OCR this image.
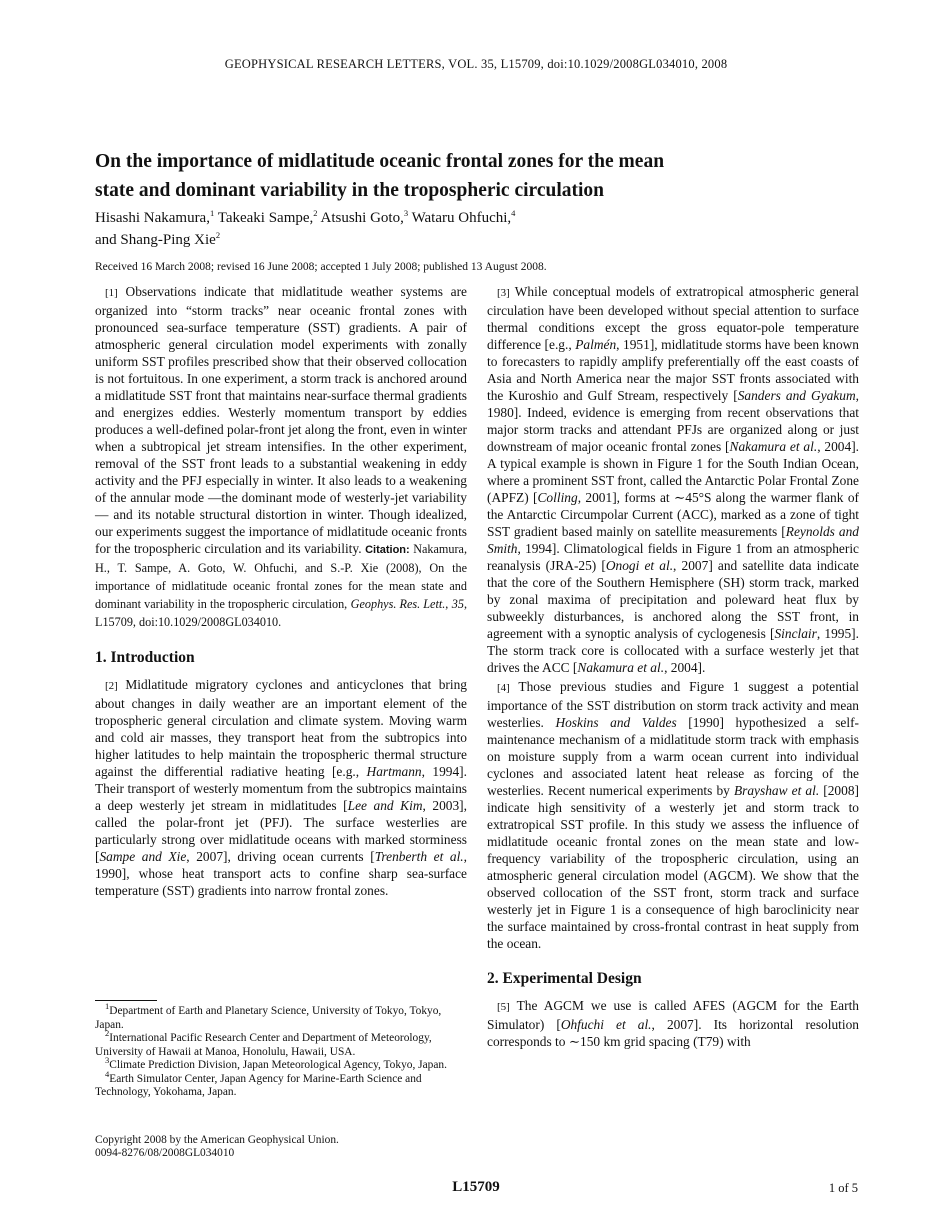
GEOPHYSICAL RESEARCH LETTERS, VOL. 35, L15709, doi:10.1029/2008GL034010, 2008
On the importance of midlatitude oceanic frontal zones for the mean
state and dominant variability in the tropospheric circulation

Hisashi Nakamura,$^1$ Takeaki Sampe,$^2$ Atsushi Goto,$^3$ Wataru Ohfuchi,$^4$
and Shang-Ping Xie$^2$

Received 16 March 2008; revised 16 June 2008; accepted 1 July 2008; published 13 August 2008.

[1] Observations indicate that midlatitude weather systems are organized into “storm tracks” near oceanic frontal zones with pronounced sea-surface temperature (SST) gradients. A pair of atmospheric general circulation model experiments with zonally uniform SST profiles prescribed show that their observed collocation is not fortuitous. In one experiment, a storm track is anchored around a midlatitude SST front that maintains near-surface thermal gradients and energizes eddies. Westerly momentum transport by eddies produces a well-defined polar-front jet along the front, even in winter when a subtropical jet stream intensifies. In the other experiment, removal of the SST front leads to a substantial weakening in eddy activity and the PFJ especially in winter. It also leads to a weakening of the annular mode —the dominant mode of westerly-jet variability— and its notable structural distortion in winter. Though idealized, our experiments suggest the importance of midlatitude oceanic fronts for the tropospheric circulation and its variability. Citation: Nakamura, H., T. Sampe, A. Goto, W. Ohfuchi, and S.-P. Xie (2008), On the importance of midlatitude oceanic frontal zones for the mean state and dominant variability in the tropospheric circulation, Geophys. Res. Lett., 35, L15709, doi:10.1029/2008GL034010.

1. Introduction

[2] Midlatitude migratory cyclones and anticyclones that bring about changes in daily weather are an important element of the tropospheric general circulation and climate system. Moving warm and cold air masses, they transport heat from the subtropics into higher latitudes to help maintain the tropospheric thermal structure against the differential radiative heating [e.g., Hartmann, 1994]. Their transport of westerly momentum from the subtropics maintains a deep westerly jet stream in midlatitudes [Lee and Kim, 2003], called the polar-front jet (PFJ). The surface westerlies are particularly strong over midlatitude oceans with marked storminess [Sampe and Xie, 2007], driving ocean currents [Trenberth et al., 1990], whose heat transport acts to confine sharp sea-surface temperature (SST) gradients into narrow frontal zones.

$^1$Department of Earth and Planetary Science, University of Tokyo, Tokyo, Japan.

$^2$International Pacific Research Center and Department of Meteorology, University of Hawaii at Manoa, Honolulu, Hawaii, USA.

$^3$Climate Prediction Division, Japan Meteorological Agency, Tokyo, Japan.

$^4$Earth Simulator Center, Japan Agency for Marine-Earth Science and Technology, Yokohama, Japan.

Copyright 2008 by the American Geophysical Union.

0094-8276/08/2008GL034010

[3] While conceptual models of extratropical atmospheric general circulation have been developed without special attention to surface thermal conditions except the gross equator-pole temperature difference [e.g., Palmén, 1951], midlatitude storms have been known to forecasters to rapidly amplify preferentially off the east coasts of Asia and North America near the major SST fronts associated with the Kuroshio and Gulf Stream, respectively [Sanders and Gyakum, 1980]. Indeed, evidence is emerging from recent observations that major storm tracks and attendant PFJs are organized along or just downstream of major oceanic frontal zones [Nakamura et al., 2004]. A typical example is shown in Figure 1 for the South Indian Ocean, where a prominent SST front, called the Antarctic Polar Frontal Zone (APFZ) [Colling, 2001], forms at ∼45°S along the warmer flank of the Antarctic Circumpolar Current (ACC), marked as a zone of tight SST gradient based mainly on satellite measurements [Reynolds and Smith, 1994]. Climatological fields in Figure 1 from an atmospheric reanalysis (JRA-25) [Onogi et al., 2007] and satellite data indicate that the core of the Southern Hemisphere (SH) storm track, marked by zonal maxima of precipitation and poleward heat flux by subweekly disturbances, is anchored along the SST front, in agreement with a synoptic analysis of cyclogenesis [Sinclair, 1995]. The storm track core is collocated with a surface westerly jet that drives the ACC [Nakamura et al., 2004].

[4] Those previous studies and Figure 1 suggest a potential importance of the SST distribution on storm track activity and mean westerlies. Hoskins and Valdes [1990] hypothesized a self-maintenance mechanism of a midlatitude storm track with emphasis on moisture supply from a warm ocean current into individual cyclones and associated latent heat release as forcing of the westerlies. Recent numerical experiments by Brayshaw et al. [2008] indicate high sensitivity of a westerly jet and storm track to extratropical SST profile. In this study we assess the influence of midlatitude oceanic frontal zones on the mean state and low-frequency variability of the tropospheric circulation, using an atmospheric general circulation model (AGCM). We show that the observed collocation of the SST front, storm track and surface westerly jet in Figure 1 is a consequence of high baroclinicity near the surface maintained by cross-frontal contrast in heat supply from the ocean.

2. Experimental Design

[5] The AGCM we use is called AFES (AGCM for the Earth Simulator) [Ohfuchi et al., 2007]. Its horizontal resolution corresponds to ∼150 km grid spacing (T79) with

L15709	1 of 5
